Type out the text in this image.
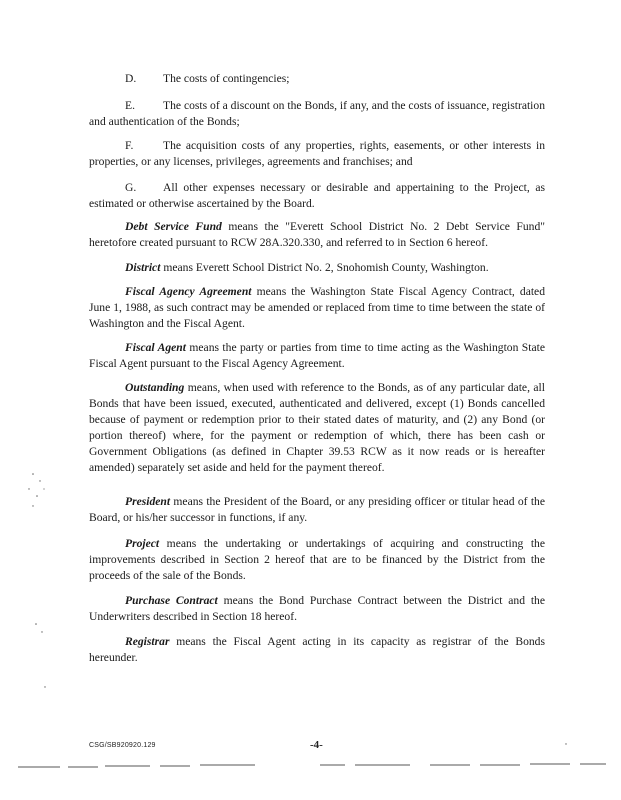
D. The costs of contingencies;

E. The costs of a discount on the Bonds, if any, and the costs of issuance, registration and authentication of the Bonds;

F.	The acquisition costs of any properties, rights, easements, or other interests in properties, or any licenses, privileges, agreements and franchises; and

G. All other expenses necessary or desirable and appertaining to the Project, as estimated or otherwise ascertained by the Board.

Debt Service Fund means the "Everett School District No. 2 Debt Service Fund" heretofore created pursuant to RCW 28A.320.330, and referred to in Section 6 hereof.

District means Everett School District No. 2, Snohomish County, Washington.

Fiscal Agency Agreement means the Washington State Fiscal Agency Contract, dated June 1, 1988, as such contract may be amended or replaced from time to time between the state of Washington and the Fiscal Agent.

Fiscal Agent means the party or parties from time to time acting as the Washington State Fiscal Agent pursuant to the Fiscal Agency Agreement.

Outstanding means, when used with reference to the Bonds, as of any particular date, all Bonds that have been issued, executed, authenticated and delivered, except (1) Bonds cancelled because of payment or redemption prior to their stated dates of maturity, and (2) any Bond (or portion thereof) where, for the payment or redemption of which, there has been cash or Government Obligations (as defined in Chapter 39.53 RCW as it now reads or is hereafter amended) separately set aside and held for the payment thereof.

President means the President of the Board, or any presiding officer or titular head of the Board, or his/her successor in functions, if any.

Project means the undertaking or undertakings of acquiring and constructing the improvements described in Section 2 hereof that are to be financed by the District from the proceeds of the sale of the Bonds.

Purchase Contract means the Bond Purchase Contract between the District and the Underwriters described in Section 18 hereof.

Registrar means the Fiscal Agent acting in its capacity as registrar of the Bonds hereunder.

CSG/SB920920.129	-4-
